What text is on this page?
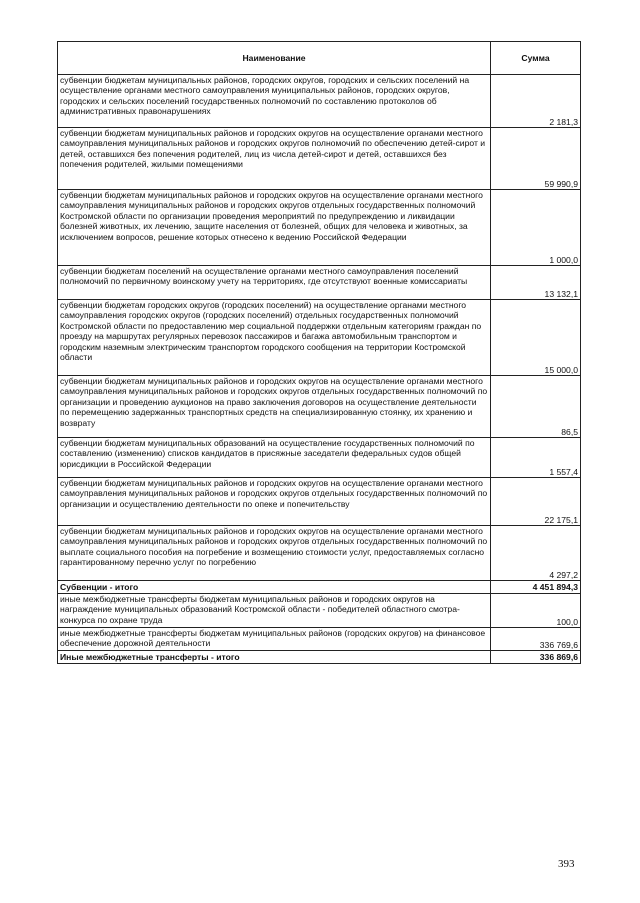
Наименование	Сумма
субвенции бюджетам муниципальных районов, городских округов, городских и сельских поселений на осуществление органами местного самоуправления муниципальных районов, городских округов, городских и сельских поселений государственных полномочий по составлению протоколов об административных правонарушениях	2 181,3
субвенции бюджетам муниципальных районов и городских округов на осуществление органами местного самоуправления муниципальных районов и городских округов полномочий по обеспечению детей-сирот и детей, оставшихся без попечения родителей, лиц из числа детей-сирот и детей, оставшихся без попечения родителей, жилыми помещениями	59 990,9
субвенции бюджетам муниципальных районов и городских округов на осуществление органами местного самоуправления муниципальных районов и городских округов отдельных государственных полномочий Костромской области по организации проведения мероприятий по предупреждению и ликвидации болезней животных, их лечению, защите населения от болезней, общих для человека и животных, за исключением вопросов, решение которых отнесено к ведению Российской Федерации	1 000,0
субвенции бюджетам поселений на осуществление органами местного самоуправления поселений полномочий по первичному воинскому учету на территориях, где отсутствуют военные комиссариаты	13 132,1
субвенции бюджетам городских округов (городских поселений) на осуществление органами местного самоуправления городских округов (городских поселений) отдельных государственных полномочий Костромской области по предоставлению мер социальной поддержки отдельным категориям граждан по проезду на маршрутах регулярных перевозок пассажиров и багажа автомобильным транспортом и городским наземным электрическим транспортом городского сообщения на территории Костромской области	15 000,0
субвенции бюджетам муниципальных районов и городских округов на осуществление органами местного самоуправления муниципальных районов и городских округов отдельных государственных полномочий по организации и проведению аукционов на право заключения договоров на осуществление деятельности по перемещению задержанных транспортных средств на специализированную стоянку, их хранению и возврату	86,5
субвенции бюджетам муниципальных образований на осуществление государственных полномочий по составлению (изменению) списков кандидатов в присяжные заседатели федеральных судов общей юрисдикции в Российской Федерации	1 557,4
субвенции бюджетам муниципальных районов и городских округов на осуществление органами местного самоуправления муниципальных районов и городских округов отдельных государственных полномочий по организации и осуществлению деятельности по опеке и попечительству	22 175,1
субвенции бюджетам муниципальных районов и городских округов на осуществление органами местного самоуправления муниципальных районов и городских округов отдельных государственных полномочий по выплате социального пособия на погребение и возмещению стоимости услуг, предоставляемых согласно гарантированному перечню услуг по погребению	4 297,2
Субвенции - итого	4 451 894,3
иные межбюджетные трансферты бюджетам муниципальных районов и городских округов на награждение муниципальных образований Костромской области - победителей областного смотра-конкурса по охране труда	100,0
иные межбюджетные трансферты бюджетам муниципальных районов (городских округов) на финансовое обеспечение дорожной деятельности	336 769,6
Иные межбюджетные трансферты - итого	336 869,6
393
